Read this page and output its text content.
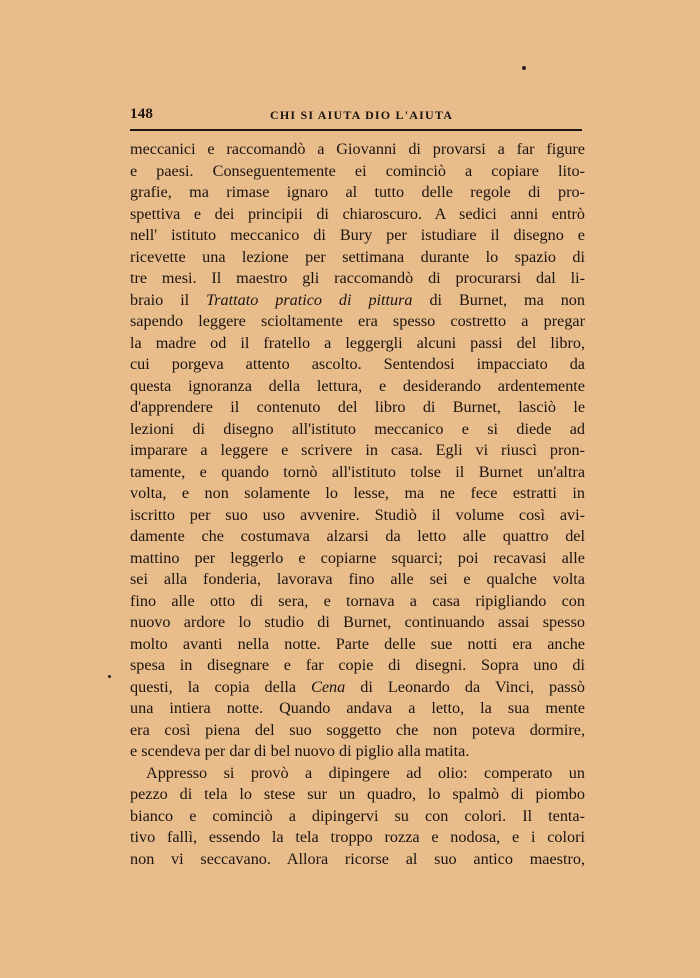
148	CHI SI AIUTA DIO L'AIUTA
meccanici e raccomandò a Giovanni di provarsi a far figure
e paesi. Conseguentemente ei cominciò a copiare lito-
grafie, ma rimase ignaro al tutto delle regole di pro-
spettiva e dei principii di chiaroscuro. A sedici anni entrò
nell' istituto meccanico di Bury per istudiare il disegno e
ricevette una lezione per settimana durante lo spazio di
tre mesi. Il maestro gli raccomandò di procurarsi dal li-
braio il Trattato pratico di pittura di Burnet, ma non
sapendo leggere scioltamente era spesso costretto a pregar
la madre od il fratello a leggergli alcuni passi del libro,
cui porgeva attento ascolto. Sentendosi impacciato da
questa ignoranza della lettura, e desiderando ardentemente
d'apprendere il contenuto del libro di Burnet, lasciò le
lezioni di disegno all'istituto meccanico e si diede ad
imparare a leggere e scrivere in casa. Egli vi riuscì pron-
tamente, e quando tornò all'istituto tolse il Burnet un'altra
volta, e non solamente lo lesse, ma ne fece estratti in
iscritto per suo uso avvenire. Studiò il volume così avi-
damente che costumava alzarsi da letto alle quattro del
mattino per leggerlo e copiarne squarci; poi recavasi alle
sei alla fonderia, lavorava fino alle sei e qualche volta
fino alle otto di sera, e tornava a casa ripigliando con
nuovo ardore lo studio di Burnet, continuando assai spesso
molto avanti nella notte. Parte delle sue notti era anche
spesa in disegnare e far copie di disegni. Sopra uno di
questi, la copia della Cena di Leonardo da Vinci, passò
una intiera notte. Quando andava a letto, la sua mente
era così piena del suo soggetto che non poteva dormire,
e scendeva per dar di bel nuovo di piglio alla matita.
Appresso si provò a dipingere ad olio: comperato un
pezzo di tela lo stese sur un quadro, lo spalmò di piombo
bianco e cominciò a dipingervi su con colori. Il tenta-
tivo fallì, essendo la tela troppo rozza e nodosa, e i colori
non vi seccavano. Allora ricorse al suo antico maestro,
